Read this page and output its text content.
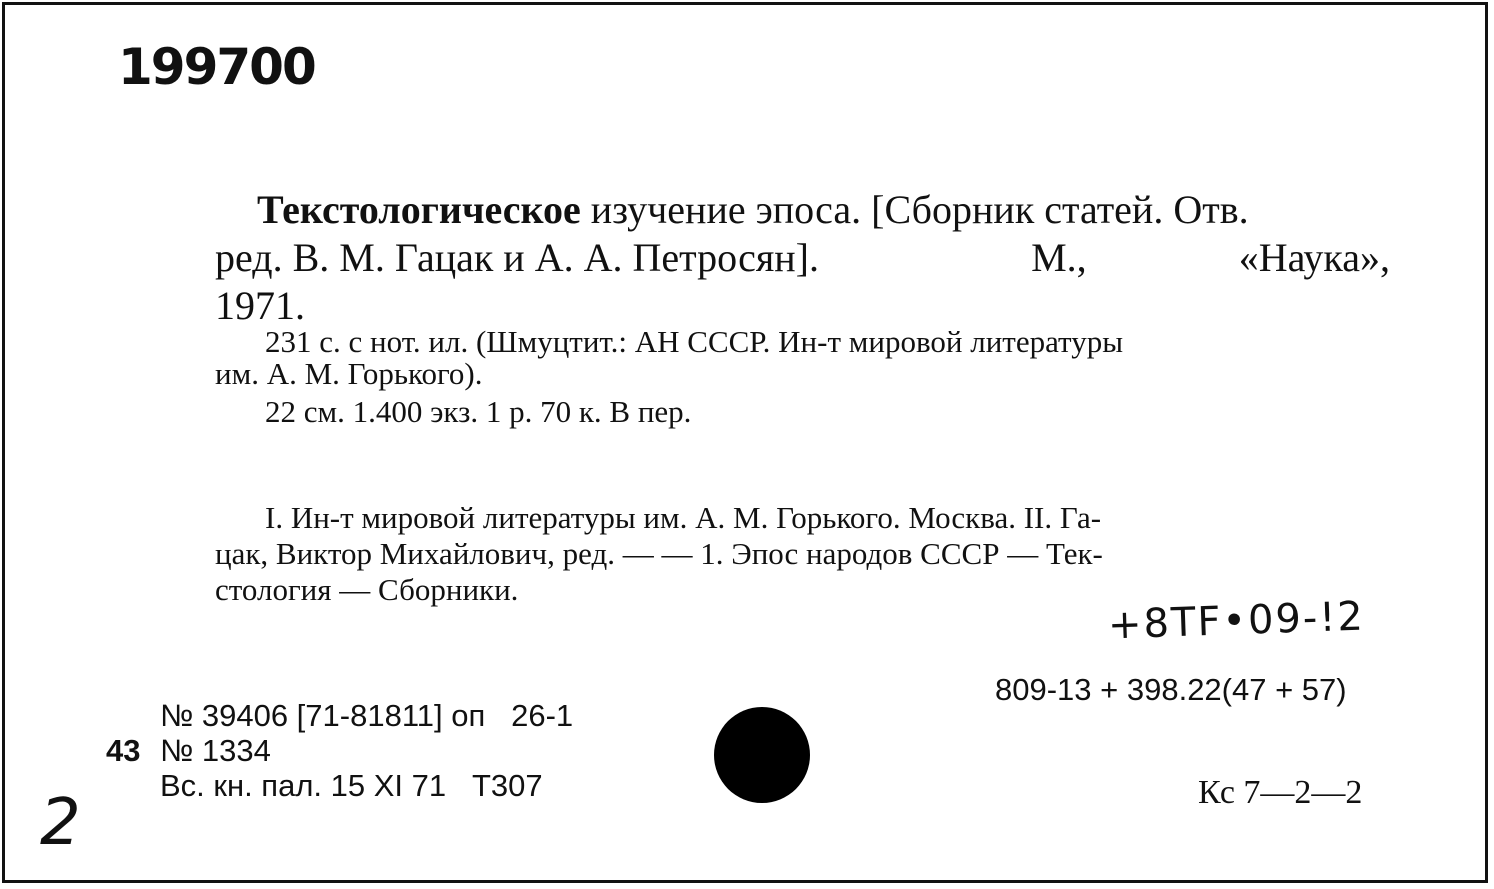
199700
Текстологическое изучение эпоса. [Сборник статей. Отв.
ред. В. М. Гацак и А. А. Петросян].	М.,	«Наука»,
1971.
231 с. с нот. ил. (Шмуцтит.: АН СССР. Ин-т мировой литературы
им. А. М. Горького).
22 см. 1.400 экз. 1 р. 70 к. В пер.
I. Ин-т мировой литературы им. А. М. Горького. Москва. II. Га-
цак, Виктор Михайлович, ред. — — 1. Эпос народов СССР — Тек-
стология — Сборники.
+8ТF•09-!2
809-13 + 398.22(47 + 57)
№ 39406 [71-81811] оп   26-1
43 № 1334
Вс. кн. пал. 15 XI 71   Т307	Кс 7—2—2
2
